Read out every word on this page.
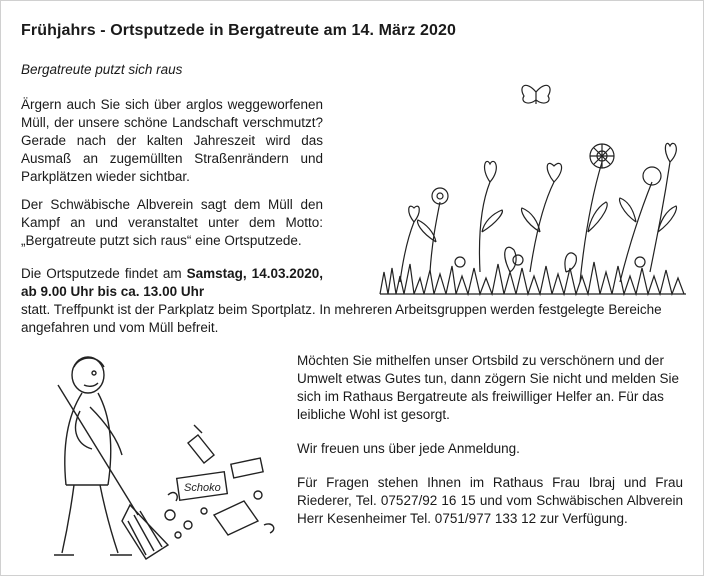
Frühjahrs - Ortsputzede in Bergatreute am 14. März 2020
Bergatreute putzt sich raus

Ärgern auch Sie sich über arglos weggeworfenen Müll, der unsere schöne Landschaft verschmutzt? Gerade nach der kalten Jahreszeit wird das Ausmaß an zugemüllten Straßenrändern und Parkplätzen wieder sichtbar.

Der Schwäbische Albverein sagt dem Müll den Kampf an und veranstaltet unter dem Motto: „Bergatreute putzt sich raus“ eine Ortsputzede.

Die Ortsputzede findet am Samstag, 14.03.2020, ab 9.00 Uhr bis ca. 13.00 Uhr

statt. Treffpunkt ist der Parkplatz beim Sportplatz. In mehreren Arbeitsgruppen werden festgelegte Bereiche angefahren und vom Müll befreit.

Möchten Sie mithelfen unser Ortsbild zu verschönern und der Umwelt etwas Gutes tun, dann zögern Sie nicht und melden Sie sich im Rathaus Bergatreute als freiwilliger Helfer an. Für das leibliche Wohl ist gesorgt.

Wir freuen uns über jede Anmeldung.

Für Fragen stehen Ihnen im Rathaus Frau Ibraj und Frau Riederer, Tel. 07527/92 16 15 und vom Schwäbischen Albverein Herr Kesenheimer Tel. 0751/977 133 12 zur Verfügung.

Schoko
